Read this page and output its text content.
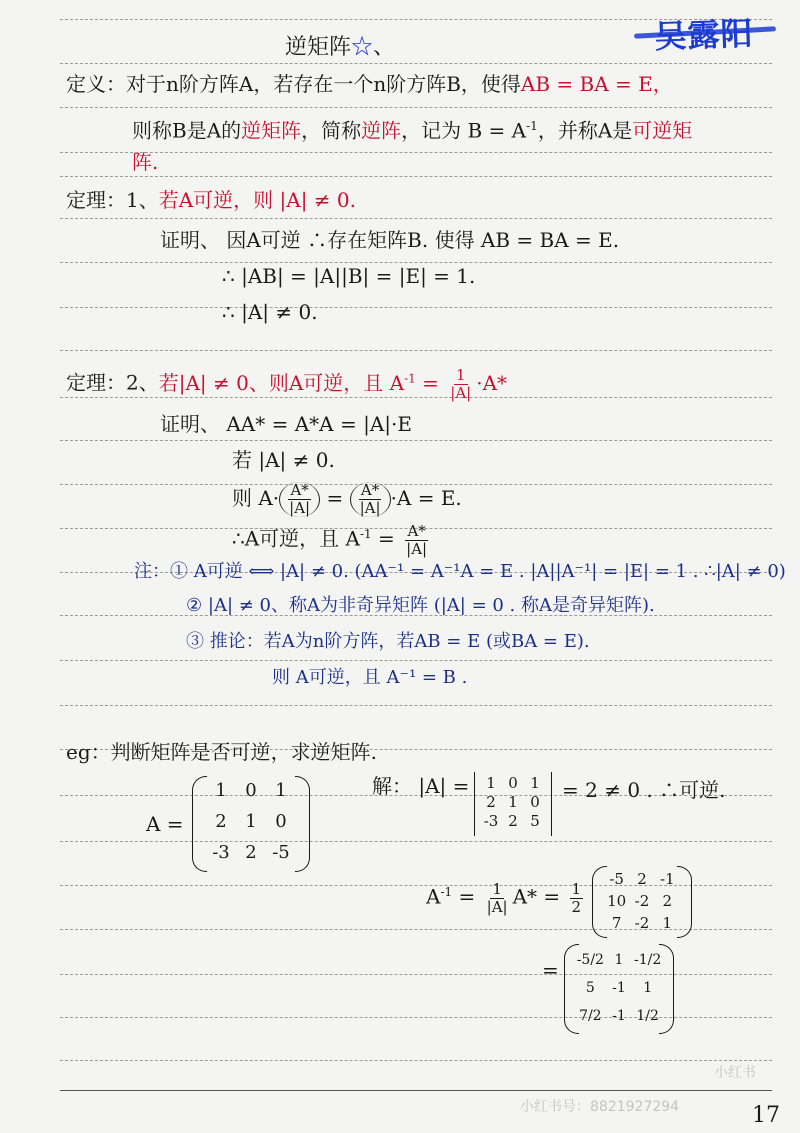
逆矩阵☆、	吴露阳
定义：对于n阶方阵A，若存在一个n阶方阵B，使得AB = BA = E，
则称B是A的逆矩阵，简称逆阵，记为 $B = A^{-1}$，并称A是可逆矩
阵.
定理：1、若A可逆，则 |A| ≠ 0.
证明、 因A可逆 ∴存在矩阵B. 使得 AB = BA = E.
∴ |AB| = |A||B| = |E| = 1.
∴ |A| ≠ 0.
定理：2、若|A| ≠ 0、则A可逆，且 $A^{-1} = \frac{1}{|A|} \cdot A*$
证明、 AA* = A*A = |A|·E
若 |A| ≠ 0.
则 $A\cdot \frac{A*}{|A|} = \frac{A*}{|A|} \cdot A = E$.
∴A可逆，且 $A^{-1} = \frac{A*}{|A|}$
注：① A可逆 ⟺ |A| ≠ 0. (AA⁻¹ = A⁻¹A = E . |A||A⁻¹| = |E| = 1 . ∴|A| ≠ 0)
② |A| ≠ 0、称A为非奇异矩阵 (|A| = 0 . 称A是奇异矩阵).
③ 推论：若A为n阶方阵，若AB = E (或BA = E).
则 A可逆，且 A⁻¹ = B .
eg：判断矩阵是否可逆，求逆矩阵.
A =
1	0	1
2	1	0
-3 2 -5
解： |A| =	1 0 1
2 1 0
-3 2 5
= 2 ≠ 0 . ∴可逆.
$A^{-1} = \frac{1}{|A|} A* = \frac{1}{2}$
-5 2 -1
10 -2 2
7 -2 1
= -5/2 1 -1/2
5	-1	1
7/2 -1 1/2
小红书
小红书号：8821927294	17
